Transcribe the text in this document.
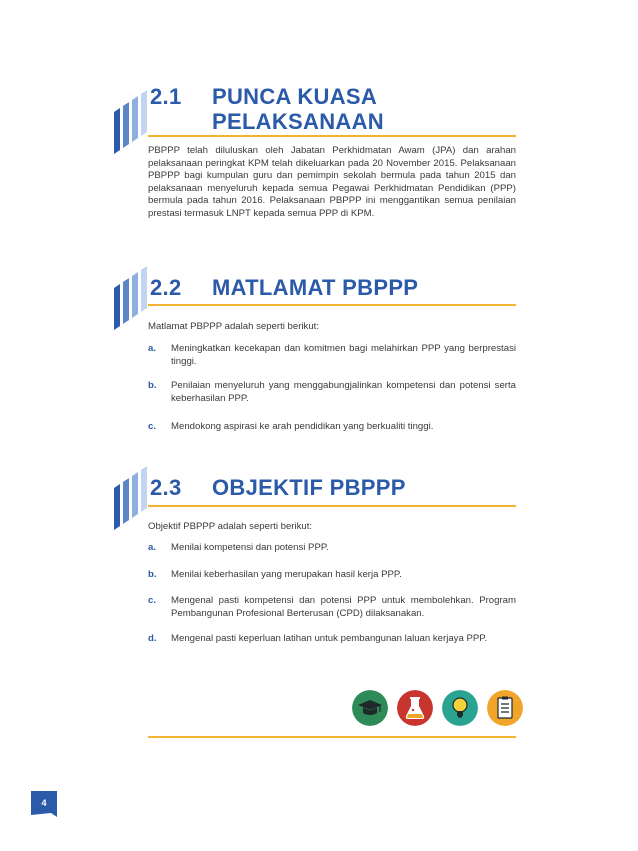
2.1 PUNCA KUASA
PELAKSANAAN
PBPPP telah diluluskan oleh Jabatan Perkhidmatan Awam (JPA) dan arahan pelaksanaan peringkat KPM telah dikeluarkan pada 20 November 2015. Pelaksanaan PBPPP bagi kumpulan guru dan pemimpin sekolah bermula pada tahun 2015 dan pelaksanaan menyeluruh kepada semua Pegawai Perkhidmatan Pendidikan (PPP) bermula pada tahun 2016. Pelaksanaan PBPPP ini menggantikan semua penilaian prestasi termasuk LNPT kepada semua PPP di KPM.
2.2 MATLAMAT PBPPP
Matlamat PBPPP adalah seperti berikut:
a. Meningkatkan kecekapan dan komitmen bagi melahirkan PPP yang berprestasi tinggi.
b. Penilaian menyeluruh yang menggabungjalinkan kompetensi dan potensi serta keberhasilan PPP.
c. Mendokong aspirasi ke arah pendidikan yang berkualiti tinggi.
2.3 OBJEKTIF PBPPP
Objektif PBPPP adalah seperti berikut:
a. Menilai kompetensi dan potensi PPP.
b. Menilai keberhasilan yang merupakan hasil kerja PPP.
c. Mengenal pasti kompetensi dan potensi PPP untuk membolehkan. Program Pembangunan Profesional Berterusan (CPD) dilaksanakan.
d. Mengenal pasti keperluan latihan untuk pembangunan laluan kerjaya PPP.
4
